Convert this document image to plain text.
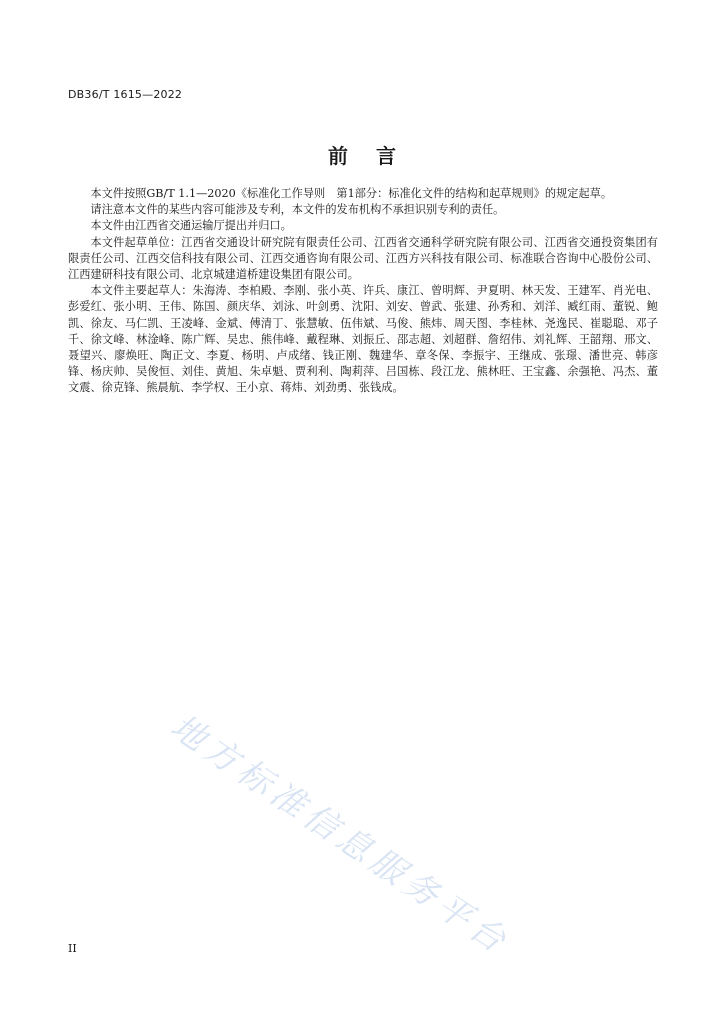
DB36/T 1615—2022
前言

本文件按照GB/T 1.1—2020《标准化工作导则　第1部分：标准化文件的结构和起草规则》的规定起草。

请注意本文件的某些内容可能涉及专利，本文件的发布机构不承担识别专利的责任。

本文件由江西省交通运输厅提出并归口。

本文件起草单位：江西省交通设计研究院有限责任公司、江西省交通科学研究院有限公司、江西省交通投资集团有限责任公司、江西交信科技有限公司、江西交通咨询有限公司、江西方兴科技有限公司、标准联合咨询中心股份公司、江西建研科技有限公司、北京城建道桥建设集团有限公司。

本文件主要起草人：朱海涛、李柏殿、李刚、张小英、许兵、康江、曾明辉、尹夏明、林天发、王建军、肖光电、彭爱红、张小明、王伟、陈国、颜庆华、刘泳、叶剑勇、沈阳、刘安、曾武、张建、孙秀和、刘洋、臧红雨、董锐、鲍凯、徐友、马仁凯、王凌峰、金斌、傅清丁、张慧敏、伍伟斌、马俊、熊炜、周天图、李桂林、尧逸民、崔聪聪、邓子千、徐文峰、林淦峰、陈广辉、吴忠、熊伟峰、戴程琳、刘振丘、邵志超、刘超群、詹绍伟、刘礼辉、王韶翔、邢文、聂望兴、廖焕旺、陶正文、李夏、杨明、卢成绪、钱正刚、魏建华、章冬保、李振宇、王继成、张璟、潘世亮、韩彦锋、杨庆帅、吴俊恒、刘佳、黄旭、朱卓魁、贾利利、陶莉萍、吕国栋、段江龙、熊林旺、王宝鑫、余强艳、冯杰、董文震、徐克锋、熊晨航、李学权、王小京、蒋炜、刘劲勇、张钱成。

地方标准信息服务平台
II
